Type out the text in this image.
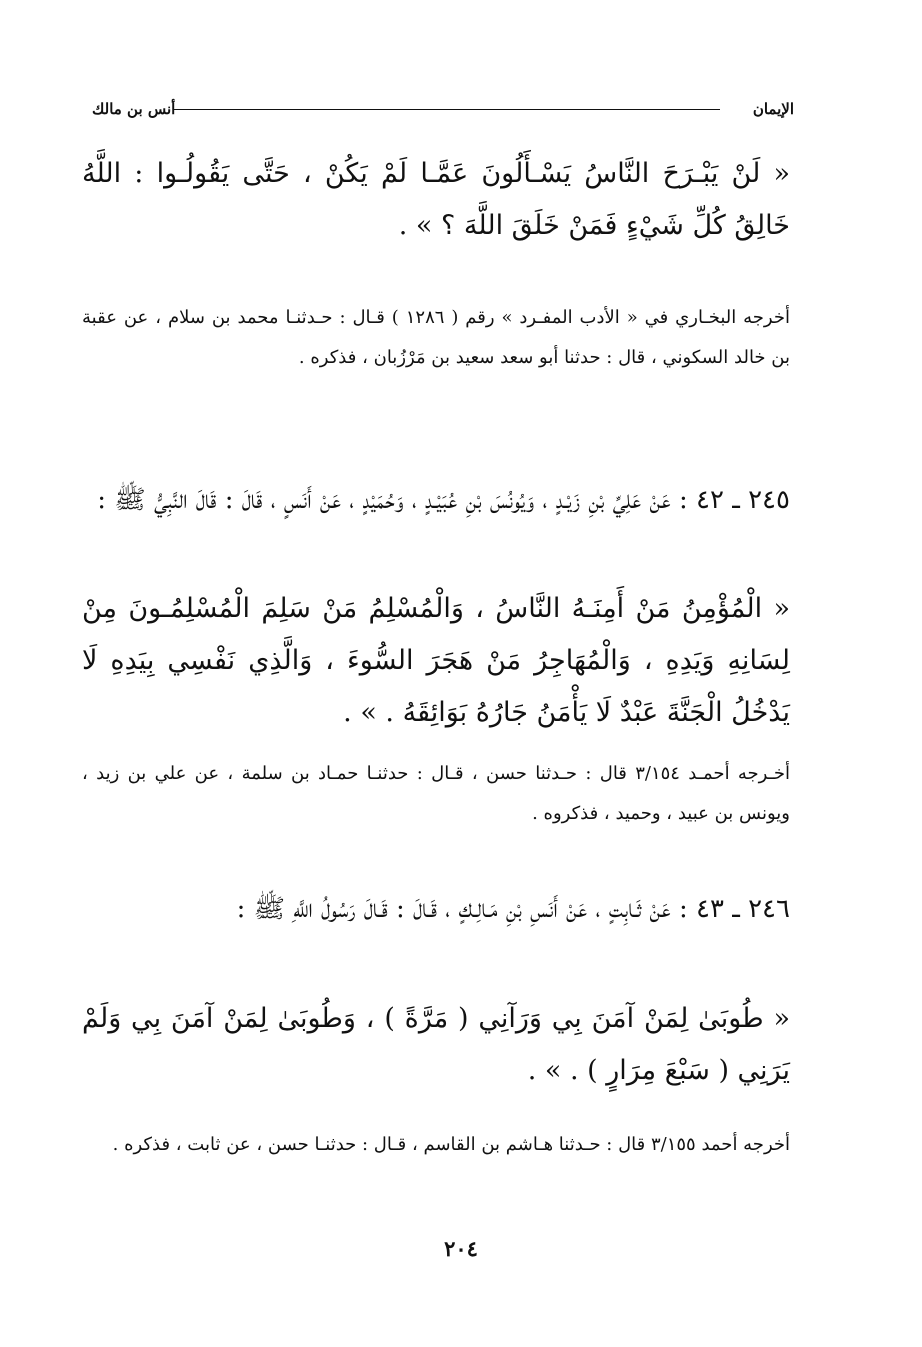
الإيمان
أنس بن مالك
« لَنْ يَبْـرَحَ النَّاسُ يَسْـأَلُونَ عَمَّـا لَمْ يَكُنْ ، حَتَّى يَقُولُـوا : اللَّهُ خَالِقُ كُلِّ شَيْءٍ فَمَنْ خَلَقَ اللَّهَ ؟ » .
أخرجه البخـاري في « الأدب المفـرد » رقم ( ١٢٨٦ ) قـال : حـدثنـا محمد بن سلام ، عن عقبة بن خالد السكوني ، قال : حدثنا أبو سعد سعيد بن مَرْزُبان ، فذكره .
٢٤٥ ـ ٤٢ : عَنْ عَلِيِّ بْنِ زَيْـدٍ ، وَيُونُسَ بْنِ عُبَيْـدٍ ، وَحُمَيْدٍ ، عَنْ أَنَسٍ ، قَالَ : قَالَ النَّبِيُّ ﷺ :
« الْمُؤْمِنُ مَنْ أَمِنَـهُ النَّاسُ ، وَالْمُسْلِمُ مَنْ سَلِمَ الْمُسْلِمُـونَ مِنْ لِسَانِهِ وَيَدِهِ ، وَالْمُهَاجِرُ مَنْ هَجَرَ السُّوءَ ، وَالَّذِي نَفْسِي بِيَدِهِ لَا يَدْخُلُ الْجَنَّةَ عَبْدٌ لَا يَأْمَنُ جَارُهُ بَوَائِقَهُ . » .
أخـرجه أحمـد ٣/١٥٤ قال : حـدثنا حسن ، قـال : حدثنـا حمـاد بن سلمة ، عن علي بن زيد ، ويونس بن عبيد ، وحميد ، فذكروه .
٢٤٦ ـ ٤٣ : عَنْ ثَـابِتٍ ، عَنْ أَنَسِ بْنِ مَـالِـكٍ ، قَـالَ : قَـالَ رَسُولُ اللَّهِ ﷺ :
« طُوبَىٰ لِمَنْ آمَنَ بِي وَرَآنِي ( مَرَّةً ) ، وَطُوبَىٰ لِمَنْ آمَنَ بِي وَلَمْ يَرَنِي ( سَبْعَ مِرَارٍ ) . » .
أخرجه أحمد ٣/١٥٥ قال : حـدثنا هـاشم بن القاسم ، قـال : حدثنـا حسن ، عن ثابت ، فذكره .
٢٠٤
